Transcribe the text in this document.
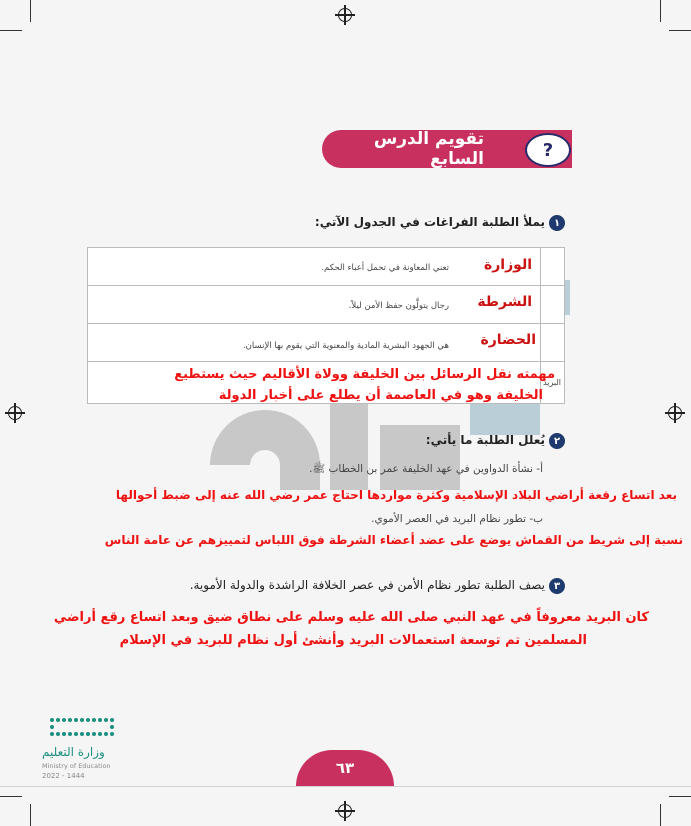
تقويم الدرس السابع	?
١
يملأ الطلبة الفراغات في الجدول الآتي:
الوزارة
تعني المعاونة في تحمل أعباء الحكم.
الشرطة
رجال يتولَّون حفظ الأمن ليلاً.
الحضارة
هي الجهود البشرية المادية والمعنوية التي يقوم بها الإنسان.
البريد
مهمته نقل الرسائل بين الخليفة وولاة الأقاليم حيث يستطيع
الخليفة وهو في العاصمة أن يطلع على أخبار الدولة
٢
يُعلل الطلبة ما يأتي:
أ- نشأة الدواوين في عهد الخليفة عمر بن الخطاب ﷺ.
بعد اتساع رقعة أراضي البلاد الإسلامية وكثرة مواردها احتاج عمر رضي الله عنه إلى ضبط أحوالها
ب- تطور نظام البريد في العصر الأموي.
نسبة إلى شريط من القماش يوضع على عضد أعضاء الشرطة فوق اللباس لتمييزهم عن عامة الناس
٣
يصف الطلبة تطور نظام الأمن في عصر الخلافة الراشدة والدولة الأموية.
كان البريد معروفاً في عهد النبي صلى الله عليه وسلم على نطاق ضيق وبعد اتساع رقع أراضي
المسلمين تم توسعة استعمالات البريد وأنشئ أول نظام للبريد في الإسلام
وزارة التعليم
Ministry of Education
2022 - 1444	٦٣
